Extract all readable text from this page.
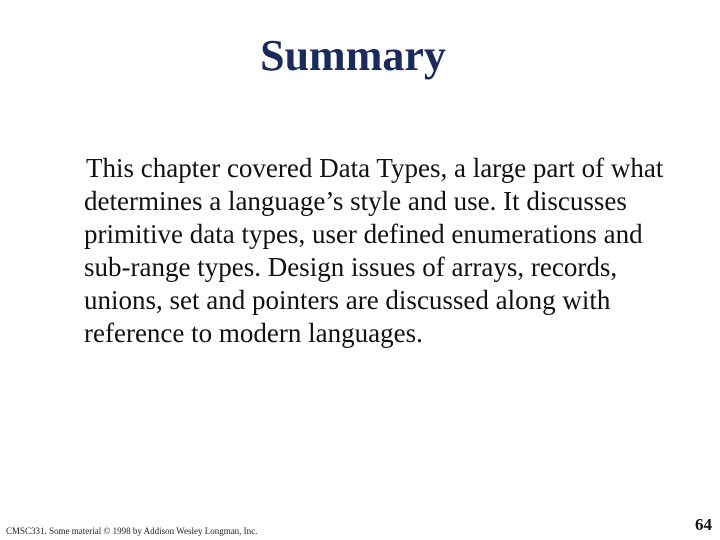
Summary

This chapter covered Data Types, a large part of what determines a language’s style and use. It discusses primitive data types, user defined enumerations and sub-range types. Design issues of arrays, records, unions, set and pointers are discussed along with reference to modern languages.

CMSC331. Some material © 1998 by Addison Wesley Longman, Inc.	64
